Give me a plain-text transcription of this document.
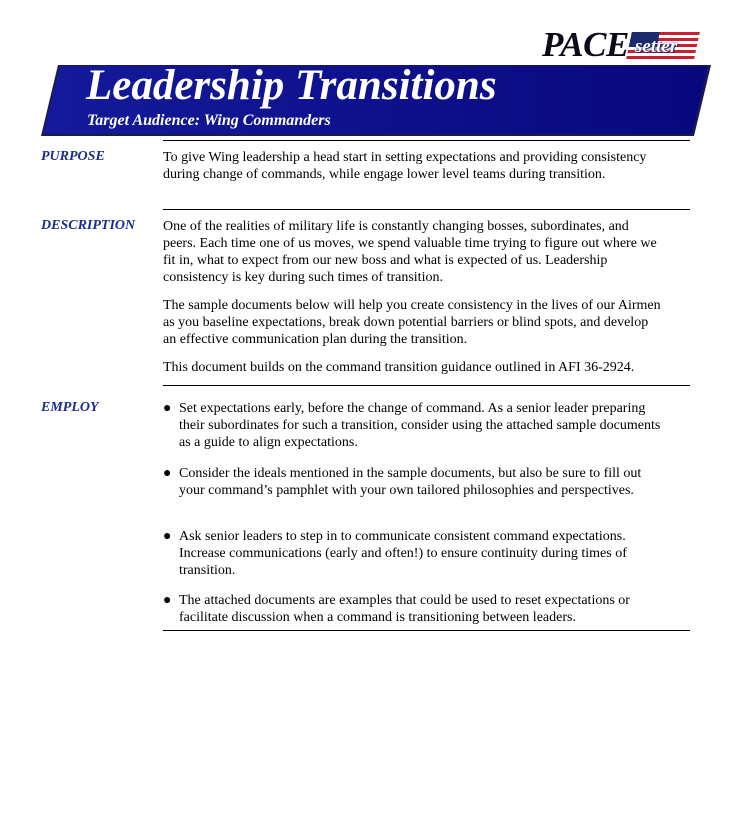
PACE setter
Leadership Transitions
Target Audience: Wing Commanders
PURPOSE	To give Wing leadership a head start in setting expectations and providing consistency during change of commands, while engage lower level teams during transition.

DESCRIPTION One of the realities of military life is constantly changing bosses, subordinates, and peers. Each time one of us moves, we spend valuable time trying to figure out where we fit in, what to expect from our new boss and what is expected of us. Leadership consistency is key during such times of transition.

The sample documents below will help you create consistency in the lives of our Airmen as you baseline expectations, break down potential barriers or blind spots, and develop an effective communication plan during the transition.

This document builds on the command transition guidance outlined in AFI 36-2924.

EMPLOY	● Set expectations early, before the change of command. As a senior leader preparing their subordinates for such a transition, consider using the attached sample documents as a guide to align expectations.

● Consider the ideals mentioned in the sample documents, but also be sure to fill out your command’s pamphlet with your own tailored philosophies and perspectives.

● Ask senior leaders to step in to communicate consistent command expectations. Increase communications (early and often!) to ensure continuity during times of transition.

● The attached documents are examples that could be used to reset expectations or facilitate discussion when a command is transitioning between leaders.
